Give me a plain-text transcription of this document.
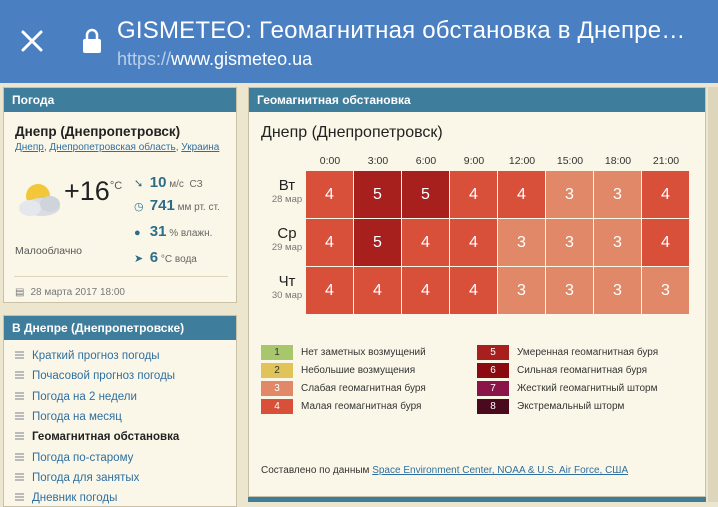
GISMETEO: Геомагнитная обстановка в Днепре…
https://www.gismeteo.ua
Погода
Днепр (Днепропетровск)
Днепр, Днепропетровская область, Украина
$+16^{^\circ C}$ ➘ 10 м/с СЗ
◷ 741 мм рт. ст.
● 31 % влажн.
➤ 6 °С вода
Малооблачно
▤ 28 марта 2017 18:00
В Днепре (Днепропетровске)
Краткий прогноз погоды
Почасовой прогноз погоды
Погода на 2 недели
Погода на месяц
Геомагнитная обстановка
Погода по-старому
Погода для занятых
Дневник погоды
Геомагнитная обстановка
Днепр (Днепропетровск)
0:00	3:00	6:00	9:00	12:00	15:00	18:00	21:00
Вт
28 мар	4	5	5	4	4	3	3	4
Ср
29 мар	4	5	4	4	3	3	3	4
Чт
30 мар	4	4	4	4	3	3	3	3
1 Нет заметных возмущений
2 Небольшие возмущения
3 Слабая геомагнитная буря
4 Малая геомагнитная буря
5 Умеренная геомагнитная буря
6 Сильная геомагнитная буря
7 Жесткий геомагнитный шторм
8 Экстремальный шторм
Составлено по данным Space Environment Center, NOAA & U.S. Air Force, США
